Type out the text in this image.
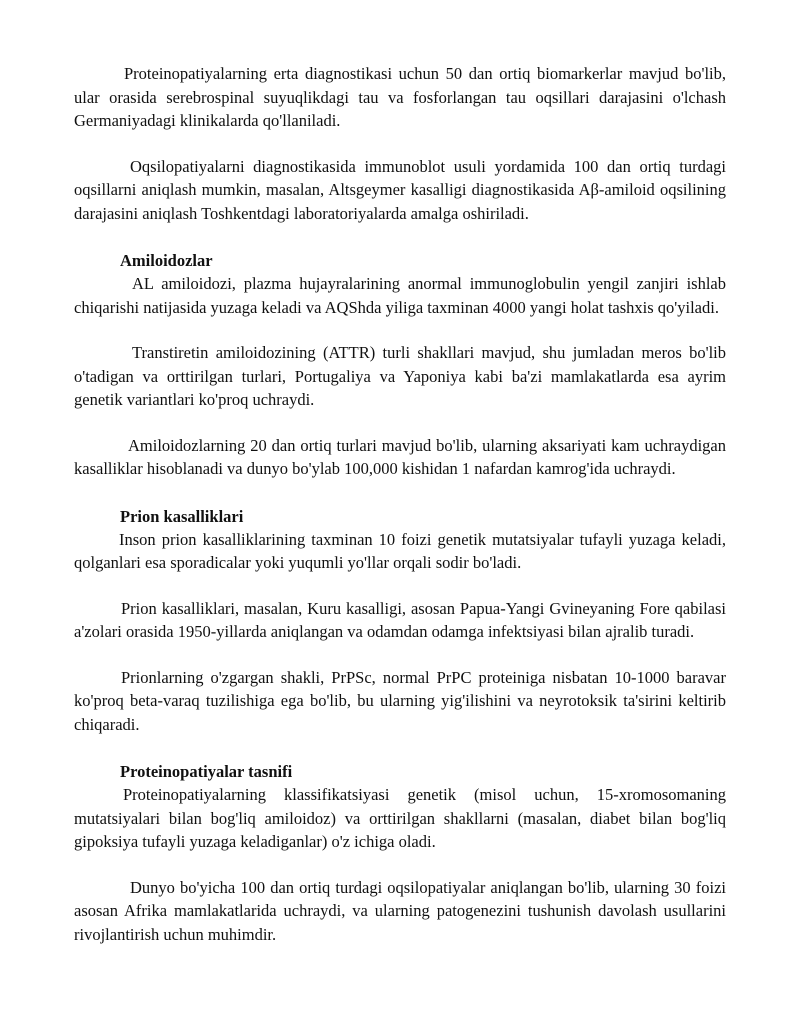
Proteinopatiyalarning erta diagnostikasi uchun 50 dan ortiq biomarkerlar mavjud bo'lib, ular orasida serebrospinal suyuqlikdagi tau va fosforlangan tau oqsillari darajasini o'lchash Germaniyadagi klinikalarda qo'llaniladi.

Oqsilopatiyalarni diagnostikasida immunoblot usuli yordamida 100 dan ortiq turdagi oqsillarni aniqlash mumkin, masalan, Altsgeymer kasalligi diagnostikasida Aβ-amiloid oqsilining darajasini aniqlash Toshkentdagi laboratoriyalarda amalga oshiriladi.

Amiloidozlar

AL amiloidozi, plazma hujayralarining anormal immunoglobulin yengil zanjiri ishlab chiqarishi natijasida yuzaga keladi va AQShda yiliga taxminan 4000 yangi holat tashxis qo'yiladi.

Transtiretin amiloidozining (ATTR) turli shakllari mavjud, shu jumladan meros bo'lib o'tadigan va orttirilgan turlari, Portugaliya va Yaponiya kabi ba'zi mamlakatlarda esa ayrim genetik variantlari ko'proq uchraydi.

Amiloidozlarning 20 dan ortiq turlari mavjud bo'lib, ularning aksariyati kam uchraydigan kasalliklar hisoblanadi va dunyo bo'ylab 100,000 kishidan 1 nafardan kamrog'ida uchraydi.

Prion kasalliklari

Inson prion kasalliklarining taxminan 10 foizi genetik mutatsiyalar tufayli yuzaga keladi, qolganlari esa sporadicalar yoki yuqumli yo'llar orqali sodir bo'ladi.

Prion kasalliklari, masalan, Kuru kasalligi, asosan Papua-Yangi Gvineyaning Fore qabilasi a'zolari orasida 1950-yillarda aniqlangan va odamdan odamga infektsiyasi bilan ajralib turadi.

Prionlarning o'zgargan shakli, PrPSc, normal PrPC proteiniga nisbatan 10-1000 baravar ko'proq beta-varaq tuzilishiga ega bo'lib, bu ularning yig'ilishini va neyrotoksik ta'sirini keltirib chiqaradi.

Proteinopatiyalar tasnifi

Proteinopatiyalarning klassifikatsiyasi genetik (misol uchun, 15-xromosomaning mutatsiyalari bilan bog'liq amiloidoz) va orttirilgan shakllarni (masalan, diabet bilan bog'liq gipoksiya tufayli yuzaga keladiganlar) o'z ichiga oladi.

Dunyo bo'yicha 100 dan ortiq turdagi oqsilopatiyalar aniqlangan bo'lib, ularning 30 foizi asosan Afrika mamlakatlarida uchraydi, va ularning patogenezini tushunish davolash usullarini rivojlantirish uchun muhimdir.
